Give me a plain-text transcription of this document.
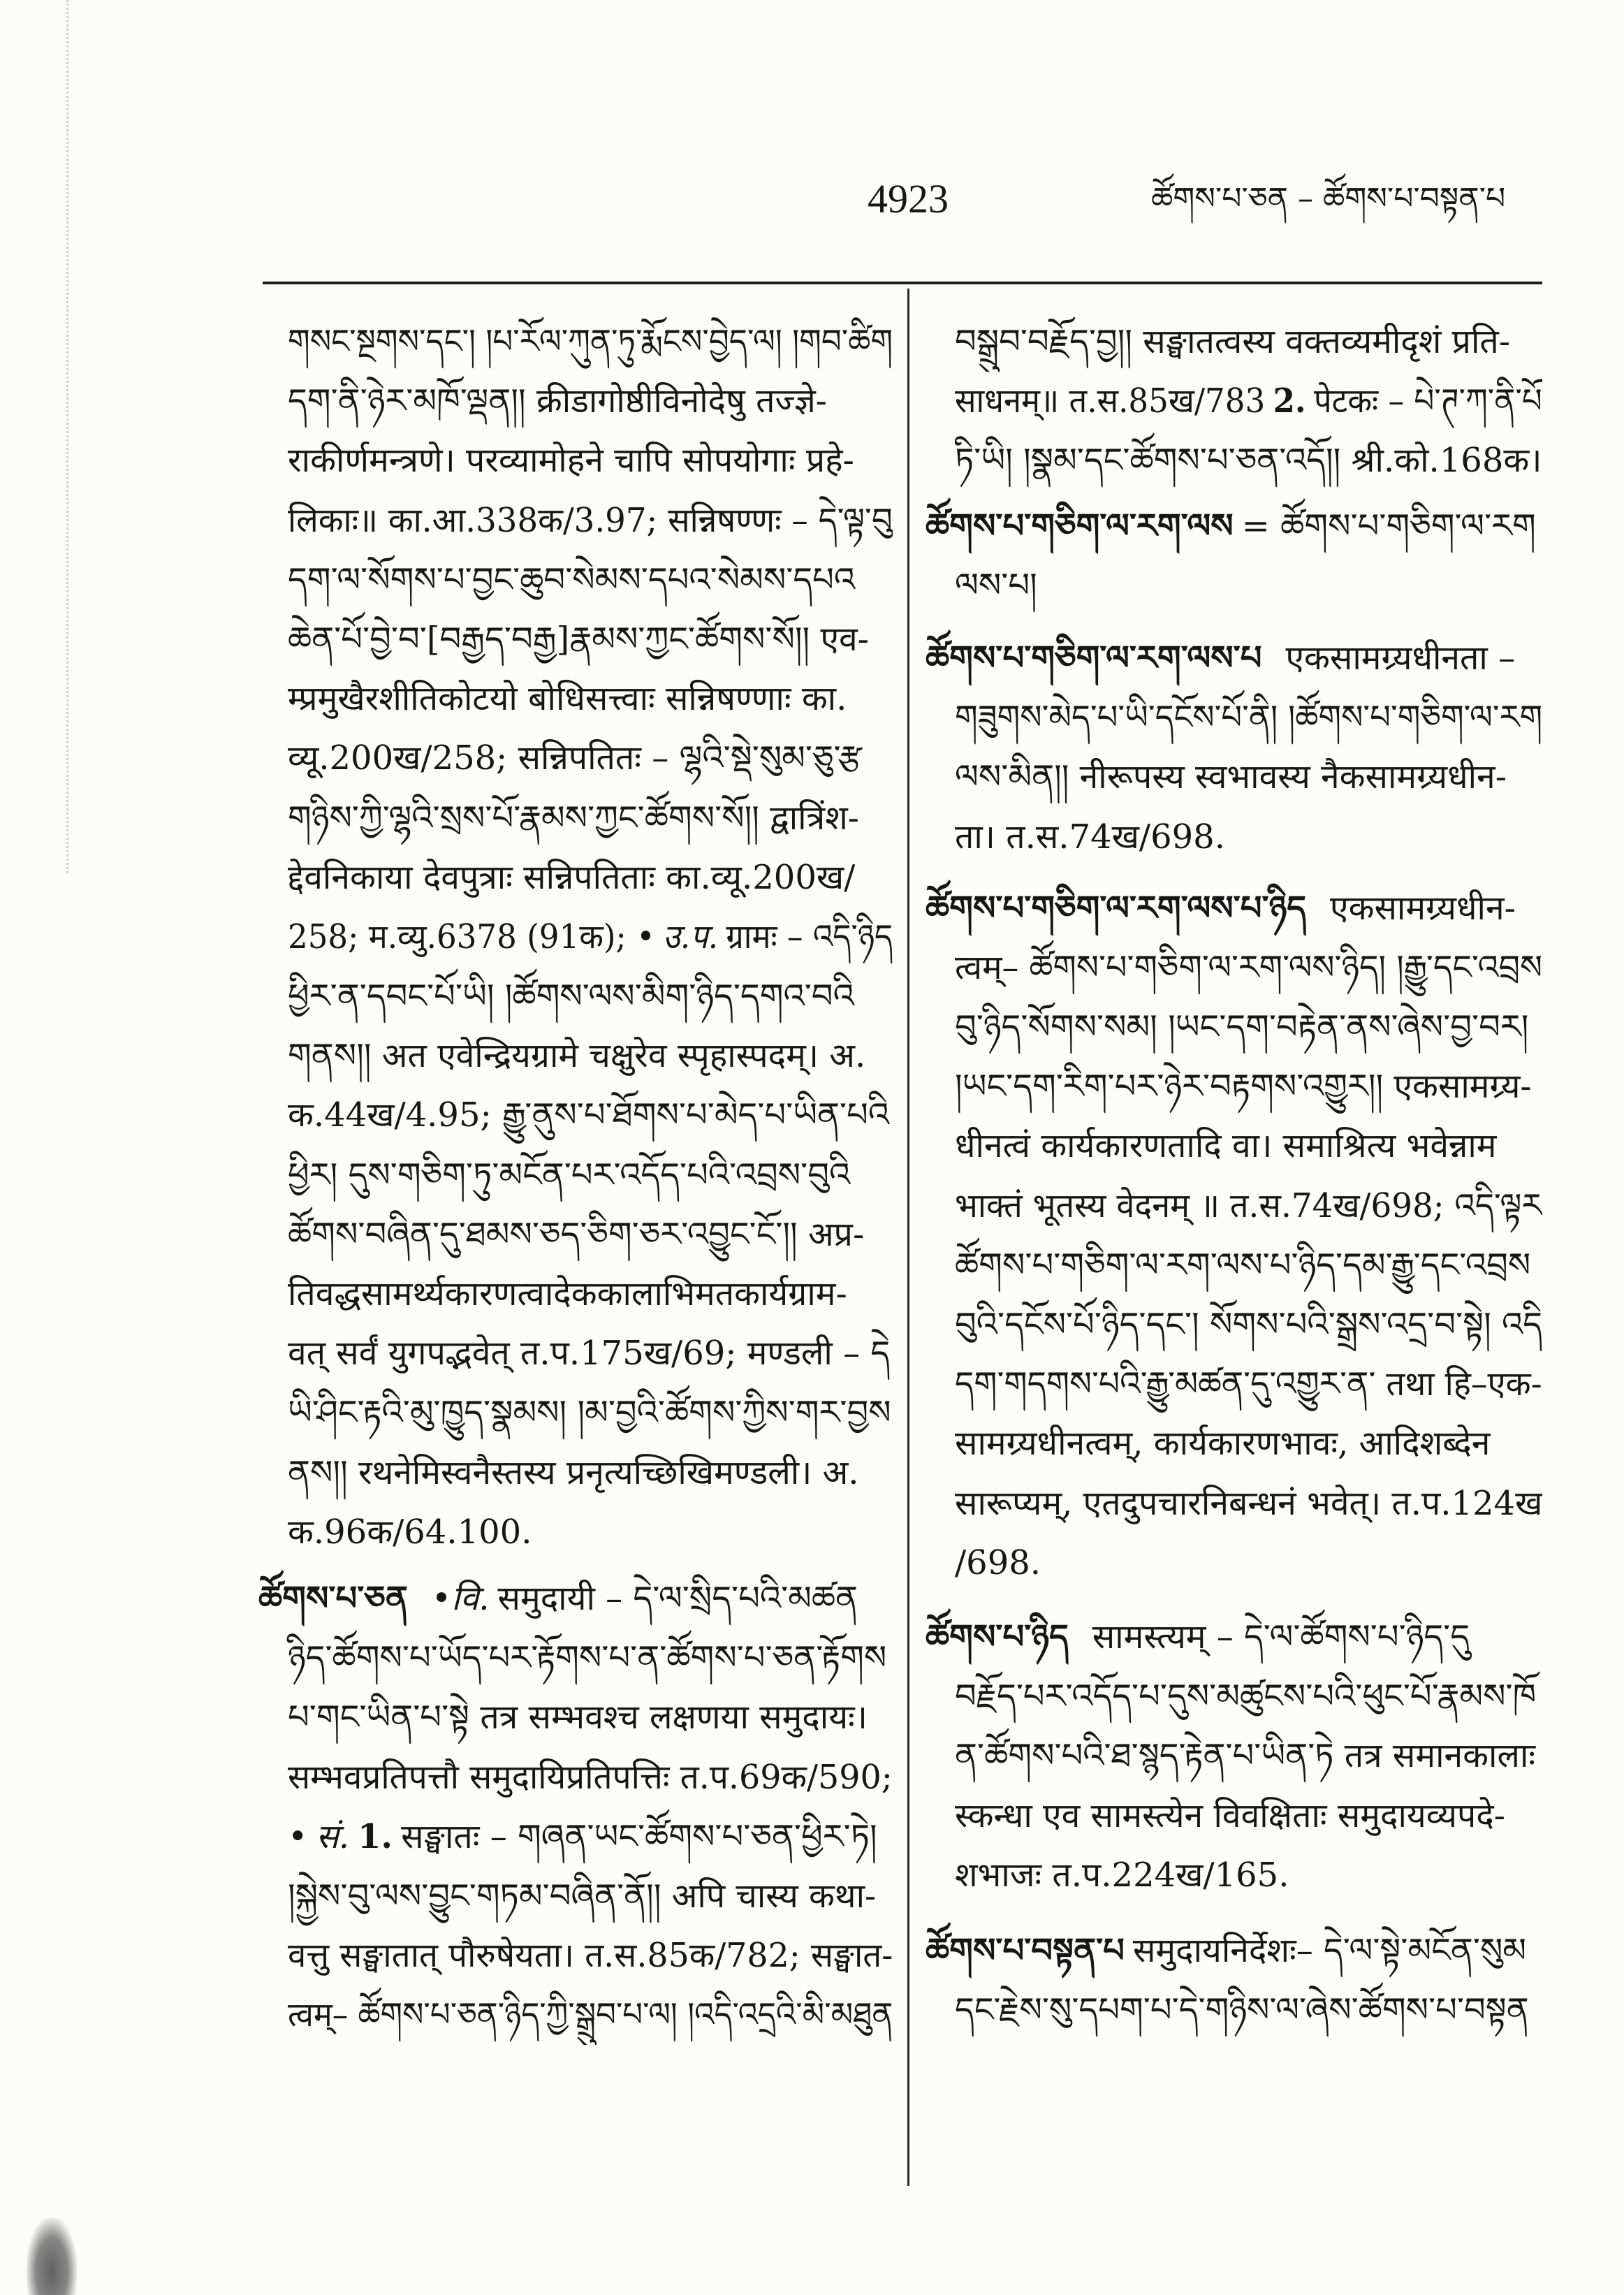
4923	ཚོགས་པ་ཅན – ཚོགས་པ་བསྟན་པ
གསང་སྔགས་དང་། །པ་རོལ་ཀུན་ཏུ་རྨོངས་བྱེད་ལ། །གབ་ཚིག
དག་ནི་ཉེར་མཁོ་ལྡན།། क्रीडागोष्ठीविनोदेषु तज्ज्ञे-
राकीर्णमन्त्रणे। परव्यामोहने चापि सोपयोगाः प्रहे-
लिकाः॥ का.आ.338क/3.97; सन्निषण्णः – དེ་ལྟ་བུ
དག་ལ་སོགས་པ་བྱང་ཆུབ་སེམས་དཔའ་སེམས་དཔའ
ཆེན་པོ་བྱེ་བ་[བརྒྱད་བརྒྱ]རྣམས་ཀྱང་ཚོགས་སོ།། एव-
म्प्रमुखैरशीतिकोटयो बोधिसत्त्वाः सन्निषण्णाः का.
व्यू.200ख/258; सन्निपतितः – ལྷའི་སྡེ་སུམ་ཅུ་རྩ
གཉིས་ཀྱི་ལྷའི་སྲས་པོ་རྣམས་ཀྱང་ཚོགས་སོ།། द्वात्रिंश-
द्देवनिकाया देवपुत्राः सन्निपतिताः का.व्यू.200ख/
258; म.व्यु.6378 (91क); • उ.प. ग्रामः – འདི་ཉིད
ཕྱིར་ན་དབང་པོ་ཡི། །ཚོགས་ལས་མིག་ཉིད་དགའ་བའི
གནས།། अत एवेन्द्रियग्रामे चक्षुरेव स्पृहास्पदम्। अ.
क.44ख/4.95; རྒྱུ་ནུས་པ་ཐོགས་པ་མེད་པ་ཡིན་པའི
ཕྱིར། དུས་གཅིག་ཏུ་མངོན་པར་འདོད་པའི་འབྲས་བུའི
ཚོགས་བཞིན་དུ་ཐམས་ཅད་ཅིག་ཅར་འབྱུང་ངོ་།། अप्र-
तिवद्धसामर्थ्यकारणत्वादेककालाभिमतकार्यग्राम-
वत् सर्वं युगपद्भवेत् त.प.175ख/69; मण्डली – དེ
ཡི་ཤིང་རྟའི་མུ་ཁྱུད་སྣམས། །མ་བྱའི་ཚོགས་ཀྱིས་གར་བྱས
ནས།། रथनेमिस्वनैस्तस्य प्रनृत्यच्छिखिमण्डली। अ.
क.96क/64.100.
ཚོགས་པ་ཅན •वि. समुदायी – དེ་ལ་སྲིད་པའི་མཚན
ཉིད་ཚོགས་པ་ཡོད་པར་རྟོགས་པ་ན་ཚོགས་པ་ཅན་རྟོགས
པ་གང་ཡིན་པ་སྟེ तत्र सम्भवश्च लक्षणया समुदायः।
सम्भवप्रतिपत्तौ समुदायिप्रतिपत्तिः त.प.69क/590;
• सं. 1. सङ्घातः – གཞན་ཡང་ཚོགས་པ་ཅན་ཕྱིར་ཏེ།
།སྐྱེས་བུ་ལས་བྱུང་གཏམ་བཞིན་ནོ།། अपि चास्य कथा-
वत्तु सङ्घातात् पौरुषेयता। त.स.85क/782; सङ्घात-
त्वम्– ཚོགས་པ་ཅན་ཉིད་ཀྱི་སྒྲུབ་པ་ལ། །འདི་འདྲའི་མི་མཐུན
བསྒྲུབ་བརྗོད་བྱ།། सङ्घातत्वस्य वक्तव्यमीदृशं प्रति-
साधनम्॥ त.स.85ख/783 2. पेटकः – པེ་ཊ་ཀ་ནི་པོ
ཏི་ཡི། །སྣམ་དང་ཚོགས་པ་ཅན་འདོ།། श्री.को.168क।
ཚོགས་པ་གཅིག་ལ་རག་ལས = ཚོགས་པ་གཅིག་ལ་རག
ལས་པ།
ཚོགས་པ་གཅིག་ལ་རག་ལས་པ एकसामग्र्यधीनता –
གཟུགས་མེད་པ་ཡི་དངོས་པོ་ནི། །ཚོགས་པ་གཅིག་ལ་རག
ལས་མིན།། नीरूपस्य स्वभावस्य नैकसामग्र्यधीन-
ता। त.स.74ख/698.
ཚོགས་པ་གཅིག་ལ་རག་ལས་པ་ཉིད एकसामग्र्यधीन-
त्वम्– ཚོགས་པ་གཅིག་ལ་རག་ལས་ཉིད། །རྒྱུ་དང་འབྲས
བུ་ཉིད་སོགས་སམ། །ཡང་དག་བརྟེན་ནས་ཞེས་བྱ་བར།
།ཡང་དག་རིག་པར་ཉེར་བརྟགས་འགྱུར།། एकसामग्र्य-
धीनत्वं कार्यकारणतादि वा। समाश्रित्य भवेन्नाम
भाक्तं भूतस्य वेदनम् ॥ त.स.74ख/698; འདི་ལྟར
ཚོགས་པ་གཅིག་ལ་རག་ལས་པ་ཉིད་དམ་རྒྱུ་དང་འབྲས
བུའི་དངོས་པོ་ཉིད་དང་། སོགས་པའི་སྒྲས་འདྲ་བ་སྟེ། འདི
དག་གདགས་པའི་རྒྱུ་མཚན་དུ་འགྱུར་ན་ तथा हि–एक-
सामग्र्यधीनत्वम्, कार्यकारणभावः, आदिशब्देन
सारूप्यम्, एतदुपचारनिबन्धनं भवेत्। त.प.124ख
/698.
ཚོགས་པ་ཉིད सामस्त्यम् – དེ་ལ་ཚོགས་པ་ཉིད་དུ
བརྗོད་པར་འདོད་པ་དུས་མཚུངས་པའི་ཕུང་པོ་རྣམས་ཁོ
ན་ཚོགས་པའི་ཐ་སྙད་རྟེན་པ་ཡིན་ཏེ तत्र समानकालाः
स्कन्धा एव सामस्त्येन विवक्षिताः समुदायव्यपदे-
शभाजः त.प.224ख/165.
ཚོགས་པ་བསྟན་པ समुदायनिर्देशः– དེ་ལ་སྟེ་མངོན་སུམ
དང་རྗེས་སུ་དཔག་པ་དེ་གཉིས་ལ་ཞེས་ཚོགས་པ་བསྟན
